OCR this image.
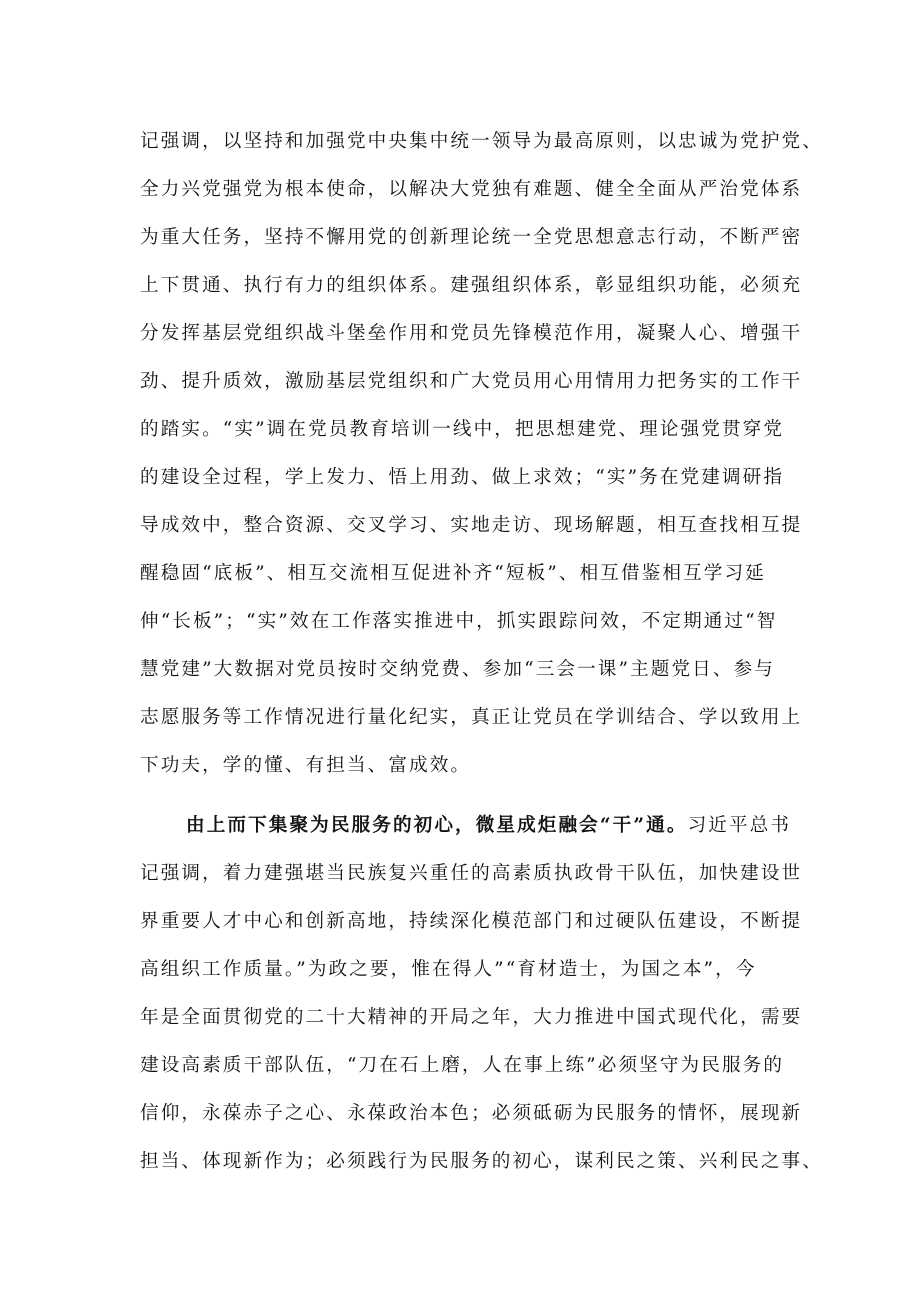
记强调，以坚持和加强党中央集中统一领导为最高原则，以忠诚为党护党、
全力兴党强党为根本使命，以解决大党独有难题、健全全面从严治党体系
为重大任务，坚持不懈用党的创新理论统一全党思想意志行动，不断严密
上下贯通、执行有力的组织体系。建强组织体系，彰显组织功能，必须充
分发挥基层党组织战斗堡垒作用和党员先锋模范作用，凝聚人心、增强干
劲、提升质效，激励基层党组织和广大党员用心用情用力把务实的工作干
的踏实。“实”调在党员教育培训一线中，把思想建党、理论强党贯穿党
的建设全过程，学上发力、悟上用劲、做上求效；“实”务在党建调研指
导成效中，整合资源、交叉学习、实地走访、现场解题，相互查找相互提
醒稳固“底板”、相互交流相互促进补齐“短板”、相互借鉴相互学习延
伸“长板”；“实”效在工作落实推进中，抓实跟踪问效，不定期通过“智
慧党建”大数据对党员按时交纳党费、参加“三会一课”主题党日、参与
志愿服务等工作情况进行量化纪实，真正让党员在学训结合、学以致用上
下功夫，学的懂、有担当、富成效。
由上而下集聚为民服务的初心，微星成炬融会“干”通。习近平总书
记强调，着力建强堪当民族复兴重任的高素质执政骨干队伍，加快建设世
界重要人才中心和创新高地，持续深化模范部门和过硬队伍建设，不断提
高组织工作质量。”为政之要，惟在得人”“育材造士，为国之本”，今
年是全面贯彻党的二十大精神的开局之年，大力推进中国式现代化，需要
建设高素质干部队伍，“刀在石上磨，人在事上练”必须坚守为民服务的
信仰，永葆赤子之心、永葆政治本色；必须砥砺为民服务的情怀，展现新
担当、体现新作为；必须践行为民服务的初心，谋利民之策、兴利民之事、
